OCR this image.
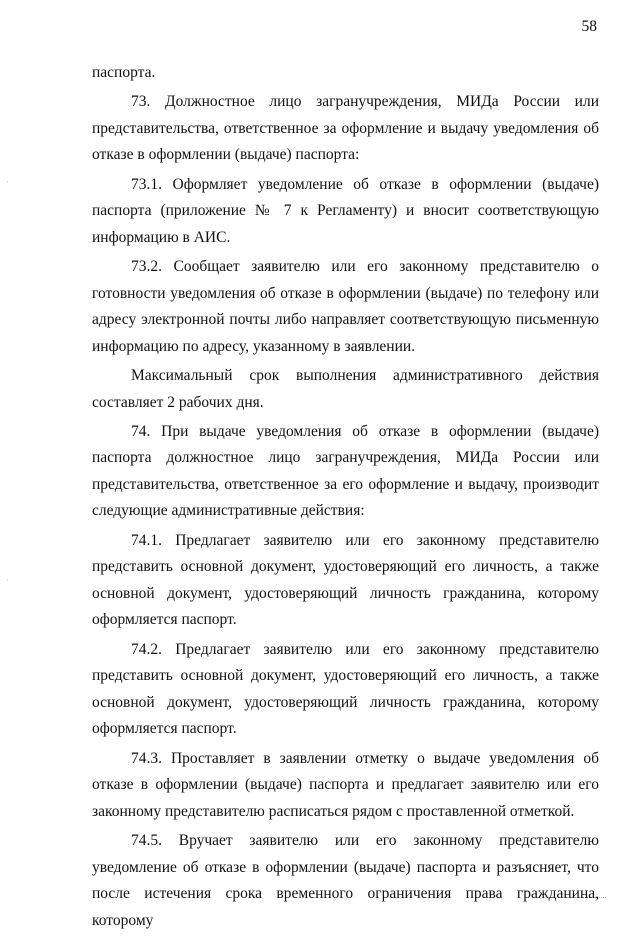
58
·
·

паспорта.

73. Должностное лицо загранучреждения, МИДа России или представительства, ответственное за оформление и выдачу уведомления об отказе в оформлении (выдаче) паспорта:

73.1. Оформляет уведомление об отказе в оформлении (выдаче) паспорта (приложение № 7 к Регламенту) и вносит соответствующую информацию в АИС.

73.2. Сообщает заявителю или его законному представителю о готовности уведомления об отказе в оформлении (выдаче) по телефону или адресу электронной почты либо направляет соответствующую письменную информацию по адресу, указанному в заявлении.

Максимальный срок выполнения административного действия составляет 2 рабочих дня.

74. При выдаче уведомления об отказе в оформлении (выдаче) паспорта должностное лицо загранучреждения, МИДа России или представительства, ответственное за его оформление и выдачу, производит следующие административные действия:

74.1. Предлагает заявителю или его законному представителю представить основной документ, удостоверяющий его личность, а также основной документ, удостоверяющий личность гражданина, которому оформляется паспорт.

74.2. Предлагает заявителю или его законному представителю представить основной документ, удостоверяющий его личность, а также основной документ, удостоверяющий личность гражданина, которому оформляется паспорт.

74.3. Проставляет в заявлении отметку о выдаче уведомления об отказе в оформлении (выдаче) паспорта и предлагает заявителю или его законному представителю расписаться рядом с проставленной отметкой.

74.5. Вручает заявителю или его законному представителю уведомление об отказе в оформлении (выдаче) паспорта и разъясняет, что после истечения срока временного ограничения права гражданина, которому
